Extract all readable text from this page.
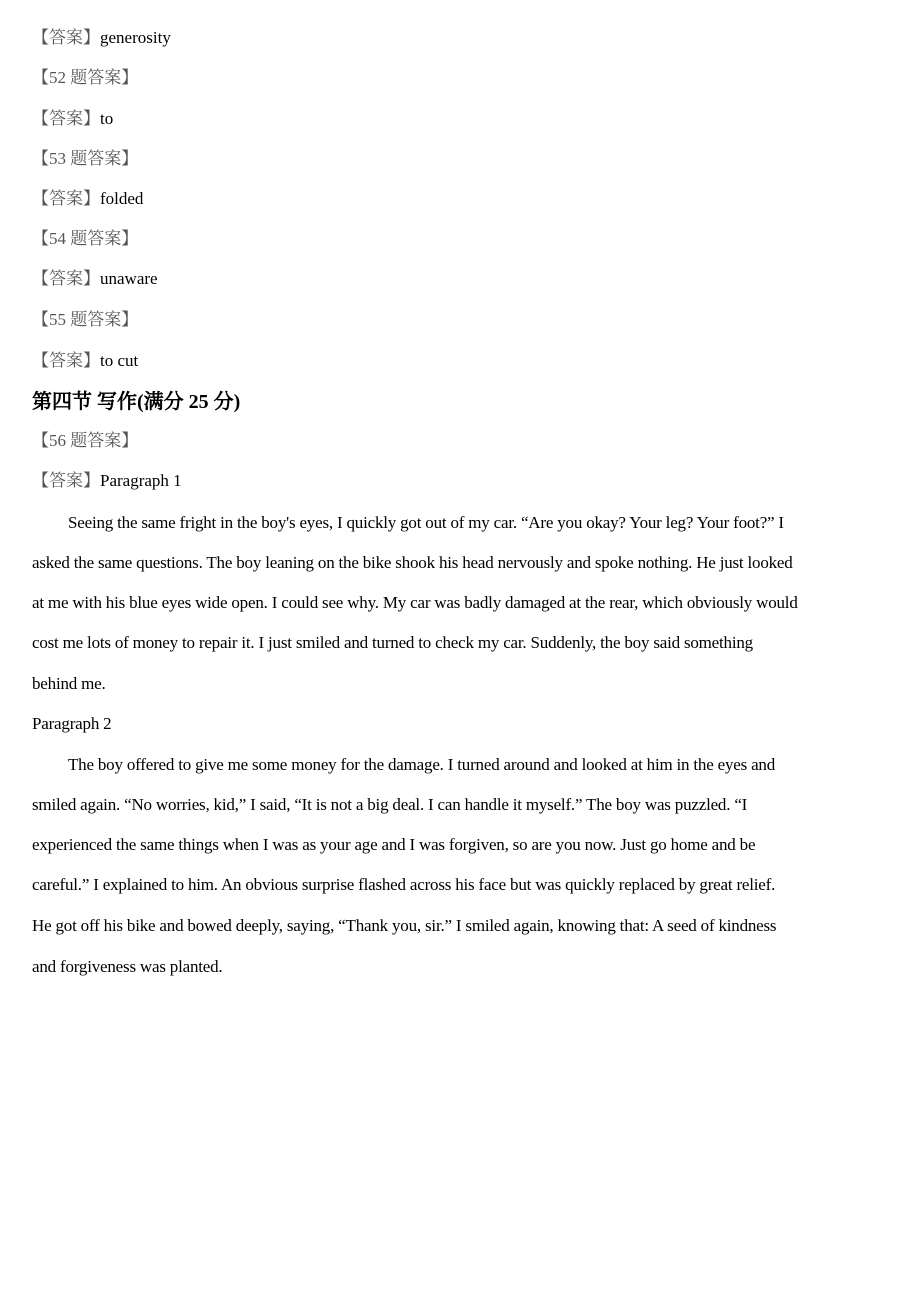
【答案】generosity
【52 题答案】
【答案】to
【53 题答案】
【答案】folded
【54 题答案】
【答案】unaware
【55 题答案】
【答案】to cut
第四节 写作(满分 25 分)
【56 题答案】
【答案】Paragraph 1
Seeing the same fright in the boy's eyes, I quickly got out of my car. “Are you okay? Your leg? Your foot?” I
asked the same questions. The boy leaning on the bike shook his head nervously and spoke nothing. He just looked
at me with his blue eyes wide open. I could see why. My car was badly damaged at the rear, which obviously would
cost me lots of money to repair it. I just smiled and turned to check my car. Suddenly, the boy said something
behind me.
Paragraph 2
The boy offered to give me some money for the damage. I turned around and looked at him in the eyes and
smiled again. “No worries, kid,” I said, “It is not a big deal. I can handle it myself.” The boy was puzzled. “I
experienced the same things when I was as your age and I was forgiven, so are you now. Just go home and be
careful.” I explained to him. An obvious surprise flashed across his face but was quickly replaced by great relief.
He got off his bike and bowed deeply, saying, “Thank you, sir.” I smiled again, knowing that: A seed of kindness
and forgiveness was planted.
